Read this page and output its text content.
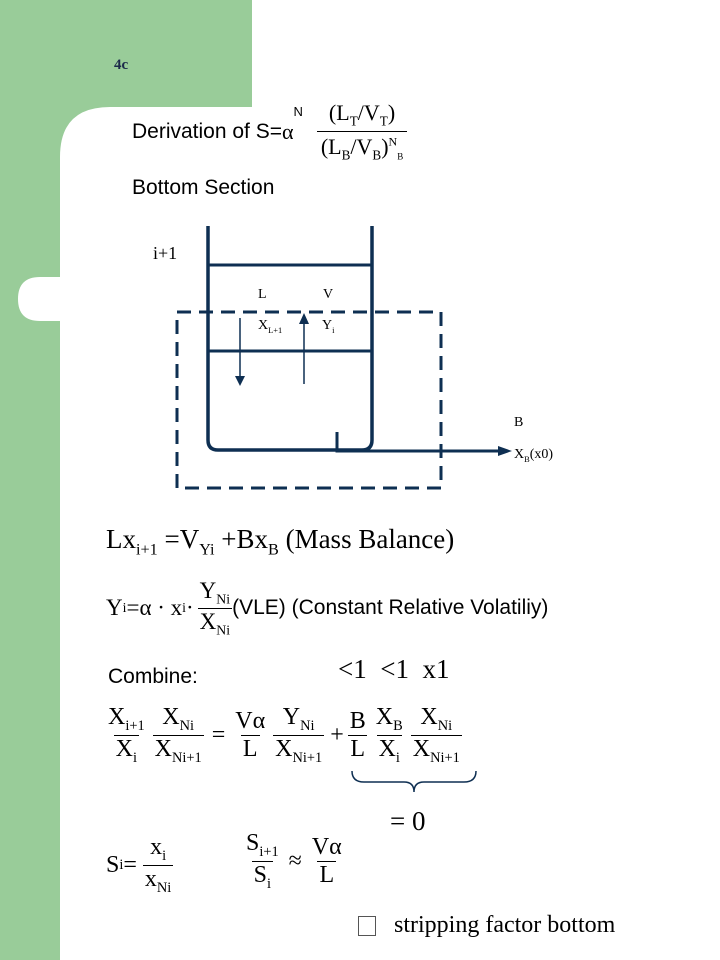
4c
Derivation of S= α
$^N \frac{(L_T/V_T)}{(L_B/V_B)^N_B}$
Bottom Section
i+1
L	V
$X_{L+1}$	$Y_i$
B
$X_B(x0)$
$Lx_{i+1} =V_{Yi} +Bx_B$ (Mass Balance)
Y i =α · x $i \cdot \frac{Y_{Ni}}{X_{Ni}} (VLE)$ (Constant Relative Volatiliy)
<1  <1  x1
Combine:
$\frac{X_{i+1}}{X_i} \frac{X_{Ni}}{X_{Ni+1}} = \frac{V\alpha}{L} \frac{Y_{Ni}}{X_{Ni+1}} + \frac{B}{L} \frac{X_B}{X_i} \frac{X_{Ni}}{X_{Ni+1}}$
= 0
S $i = \frac{x_i}{x_{Ni}}$	$\frac{S_{i+1}}{S_i} \approx \frac{V\alpha}{L}$
stripping factor bottom
